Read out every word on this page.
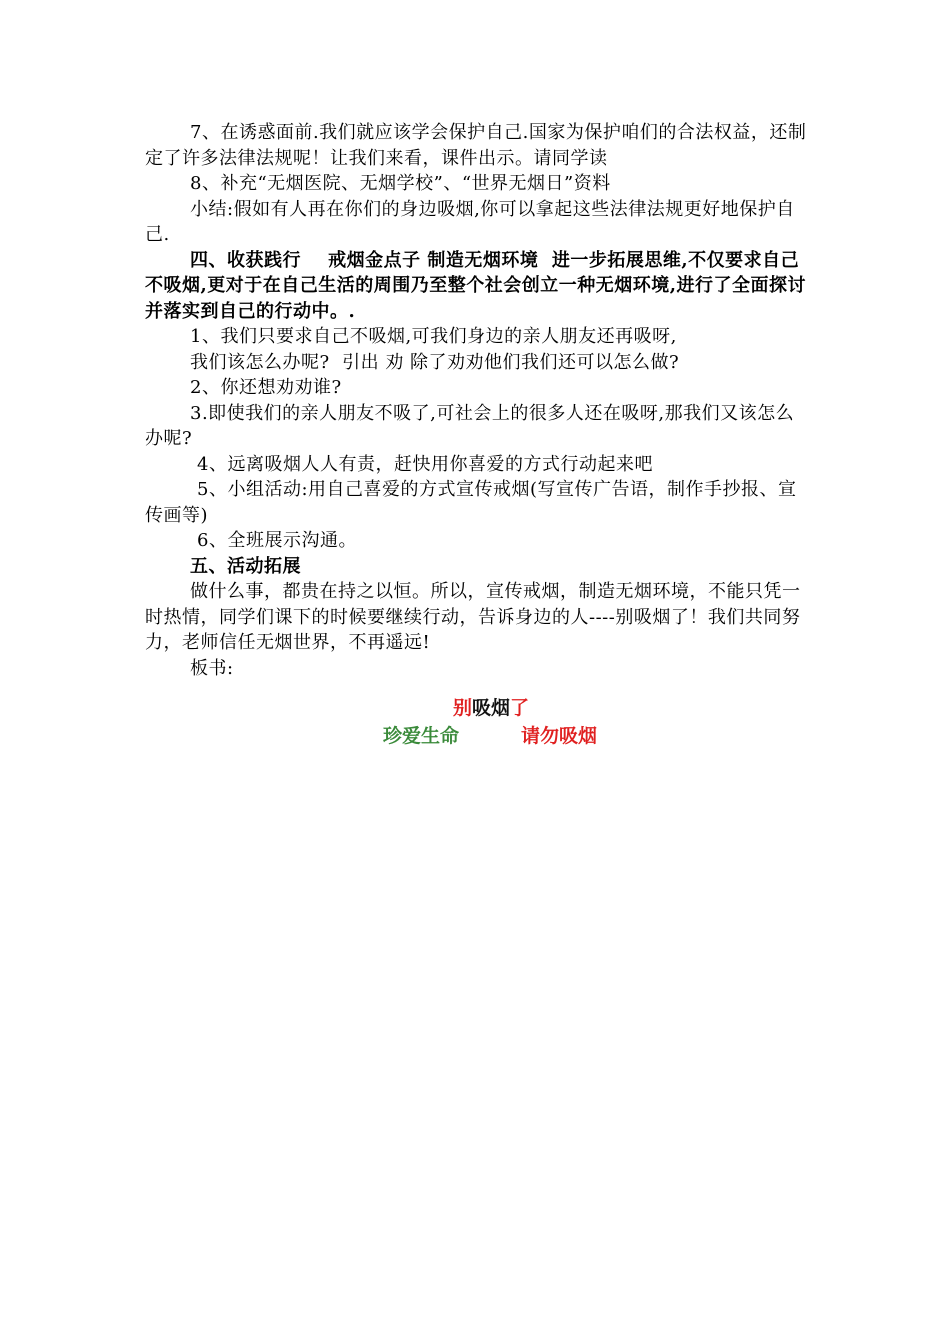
7、在诱惑面前.我们就应该学会保护自己.国家为保护咱们的合法权益，还制定了许多法律法规呢！让我们来看，课件出示。请同学读

8、补充“无烟医院、无烟学校”、“世界无烟日”资料

小结:假如有人再在你们的身边吸烟,你可以拿起这些法律法规更好地保护自己.

四、收获践行    戒烟金点子 制造无烟环境  进一步拓展思维,不仅要求自己不吸烟,更对于在自己生活的周围乃至整个社会创立一种无烟环境,进行了全面探讨并落实到自己的行动中。.

1、我们只要求自己不吸烟,可我们身边的亲人朋友还再吸呀,

我们该怎么办呢?  引出 劝 除了劝劝他们我们还可以怎么做?

2、你还想劝劝谁?

3.即使我们的亲人朋友不吸了,可社会上的很多人还在吸呀,那我们又该怎么办呢?

4、远离吸烟人人有责，赶快用你喜爱的方式行动起来吧

5、小组活动:用自己喜爱的方式宣传戒烟(写宣传广告语，制作手抄报、宣传画等)

6、全班展示沟通。

五、活动拓展

做什么事，都贵在持之以恒。所以，宣传戒烟，制造无烟环境，不能只凭一时热情，同学们课下的时候要继续行动，告诉身边的人----别吸烟了！我们共同努力，老师信任无烟世界，不再遥远!

板书:

别吸烟了
珍爱生命	请勿吸烟
